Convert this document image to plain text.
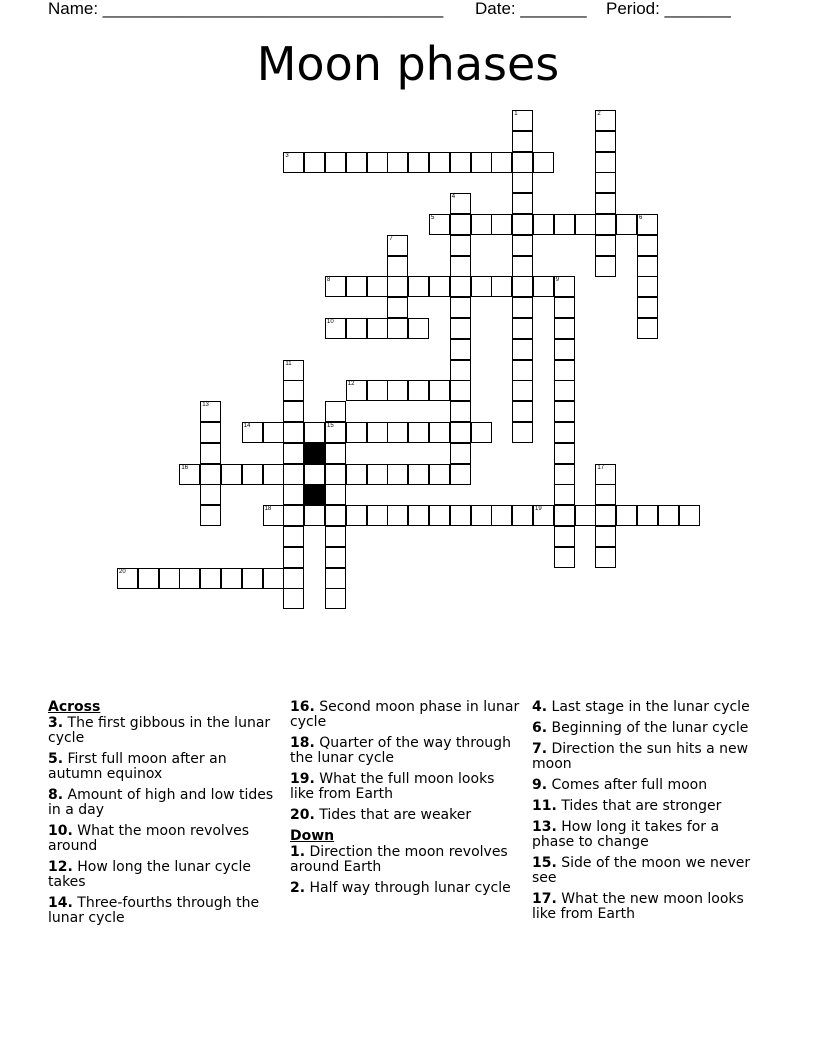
Name: ____________________________________ Date: _______ Period: _______
Moon phases
1	2
3
4
5	6
7
8	9
10
11
12
13
14	15
16	17
18	19
20
Across
3. The first gibbous in the lunar cycle
5. First full moon after an autumn equinox
8. Amount of high and low tides in a day
10. What the moon revolves around
12. How long the lunar cycle takes
14. Three-fourths through the lunar cycle
16. Second moon phase in lunar cycle
18. Quarter of the way through the lunar cycle
19. What the full moon looks like from Earth
20. Tides that are weaker
Down
1. Direction the moon revolves around Earth
2. Half way through lunar cycle
4. Last stage in the lunar cycle
6. Beginning of the lunar cycle
7. Direction the sun hits a new moon
9. Comes after full moon
11. Tides that are stronger
13. How long it takes for a phase to change
15. Side of the moon we never see
17. What the new moon looks like from Earth
